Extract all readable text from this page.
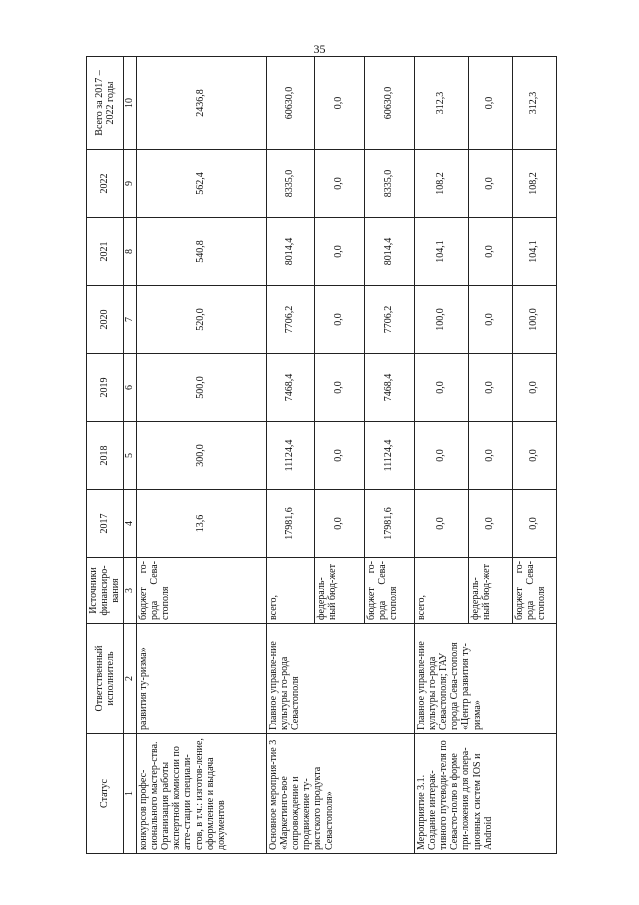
35
Статус	Ответственный исполнитель	Источники финансиро-вания	2017	2018	2019	2020	2021	2022	Всего за 2017 – 2022 годы
1	2	3	4	5	6	7	8	9	10
конкурсов профес-сионального мастер-ства. Организация работы экспертной комиссии по атте-стации специали-стов, в т.ч.: изготов-ление, оформление и выдача документов	развития ту-ризма»	бюджет го-рода Сева-стополя	13,6	300,0	500,0	520,0	540,8	562,4	2436,8
Основное мероприя-тие 3 «Маркетинго-вое сопровождение и продвижение ту-ристского продукта Севастополя»	Главное управле-ние культуры го-рода Севастополя	всего,	17981,6	11124,4	7468,4	7706,2	8014,4	8335,0	60630,0
		федераль-ный бюд-жет	0,0	0,0	0,0	0,0	0,0	0,0	0,0
		бюджет го-рода Сева-стополя	17981,6	11124,4	7468,4	7706,2	8014,4	8335,0	60630,0
Мероприятие 3.1. Создание интерак-тивного путеводи-теля по Севасто-полю в форме при-ложения для опера-ционных систем IOS и Android	Главное управле-ние культуры го-рода Севастополя; ГАУ города Сева-стополя «Центр развития ту-ризма»	всего,	0,0	0,0	0,0	100,0	104,1	108,2	312,3
		федераль-ный бюд-жет	0,0	0,0	0,0	0,0	0,0	0,0	0,0
		бюджет го-рода Сева-стополя	0,0	0,0	0,0	100,0	104,1	108,2	312,3
